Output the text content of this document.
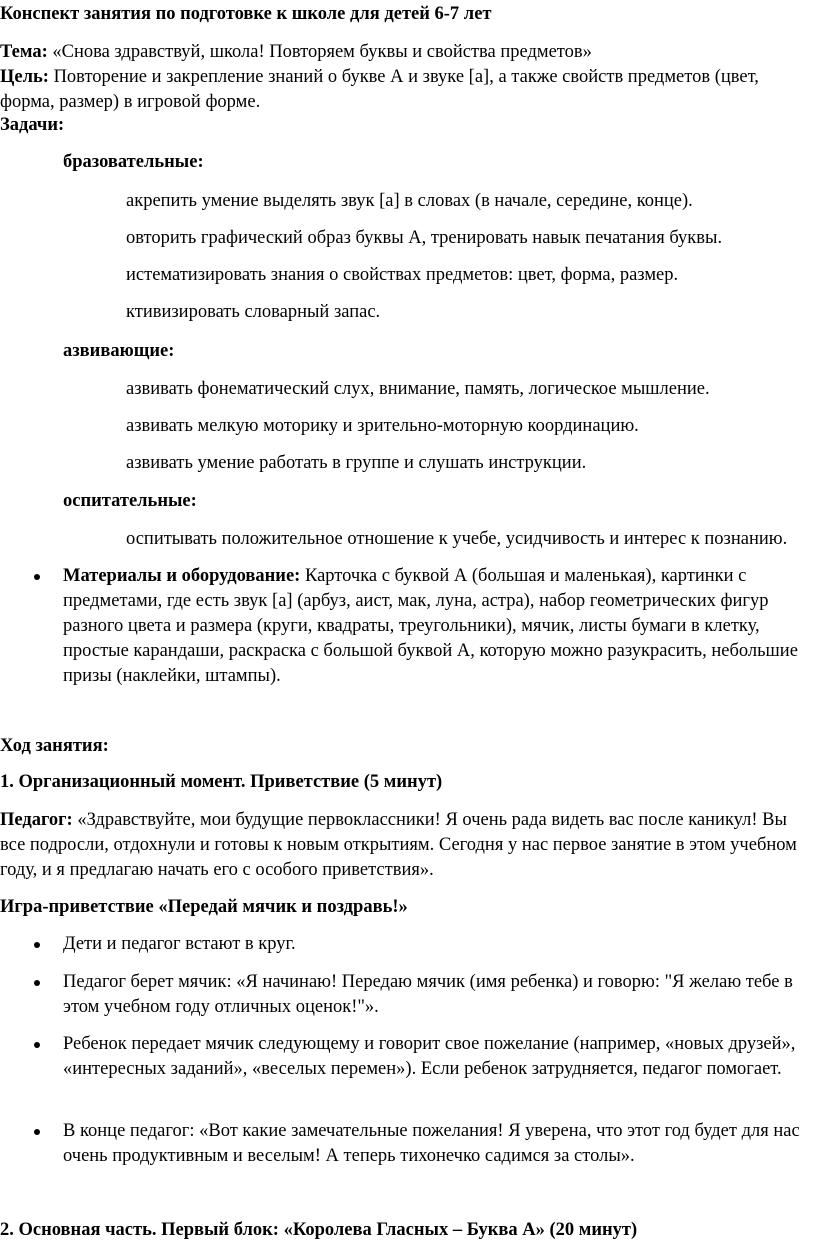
Конспект занятия по подготовке к школе для детей 6-7 лет
Тема: «Снова здравствуй, школа! Повторяем буквы и свойства предметов»
Цель: Повторение и закрепление знаний о букве А и звуке [а], а также свойств предметов (цвет, форма, размер) в игровой форме.
Задачи:
бразовательные:
акрепить умение выделять звук [а] в словах (в начале, середине, конце).
овторить графический образ буквы А, тренировать навык печатания буквы.
истематизировать знания о свойствах предметов: цвет, форма, размер.
ктивизировать словарный запас.
азвивающие:
азвивать фонематический слух, внимание, память, логическое мышление.
азвивать мелкую моторику и зрительно-моторную координацию.
азвивать умение работать в группе и слушать инструкции.
оспитательные:
оспитывать положительное отношение к учебе, усидчивость и интерес к познанию.
Материалы и оборудование: Карточка с буквой А (большая и маленькая), картинки с предметами, где есть звук [а] (арбуз, аист, мак, луна, астра), набор геометрических фигур разного цвета и размера (круги, квадраты, треугольники), мячик, листы бумаги в клетку, простые карандаши, раскраска с большой буквой А, которую можно разукрасить, небольшие призы (наклейки, штампы).
Ход занятия:
1. Организационный момент. Приветствие (5 минут)
Педагог: «Здравствуйте, мои будущие первоклассники! Я очень рада видеть вас после каникул! Вы все подросли, отдохнули и готовы к новым открытиям. Сегодня у нас первое занятие в этом учебном году, и я предлагаю начать его с особого приветствия».
Игра-приветствие «Передай мячик и поздравь!»
Дети и педагог встают в круг.
Педагог берет мячик: «Я начинаю! Передаю мячик (имя ребенка) и говорю: "Я желаю тебе в этом учебном году отличных оценок!"».
Ребенок передает мячик следующему и говорит свое пожелание (например, «новых друзей», «интересных заданий», «веселых перемен»). Если ребенок затрудняется, педагог помогает.
В конце педагог: «Вот какие замечательные пожелания! Я уверена, что этот год будет для нас очень продуктивным и веселым! А теперь тихонечко садимся за столы».
2. Основная часть. Первый блок: «Королева Гласных – Буква А» (20 минут)
